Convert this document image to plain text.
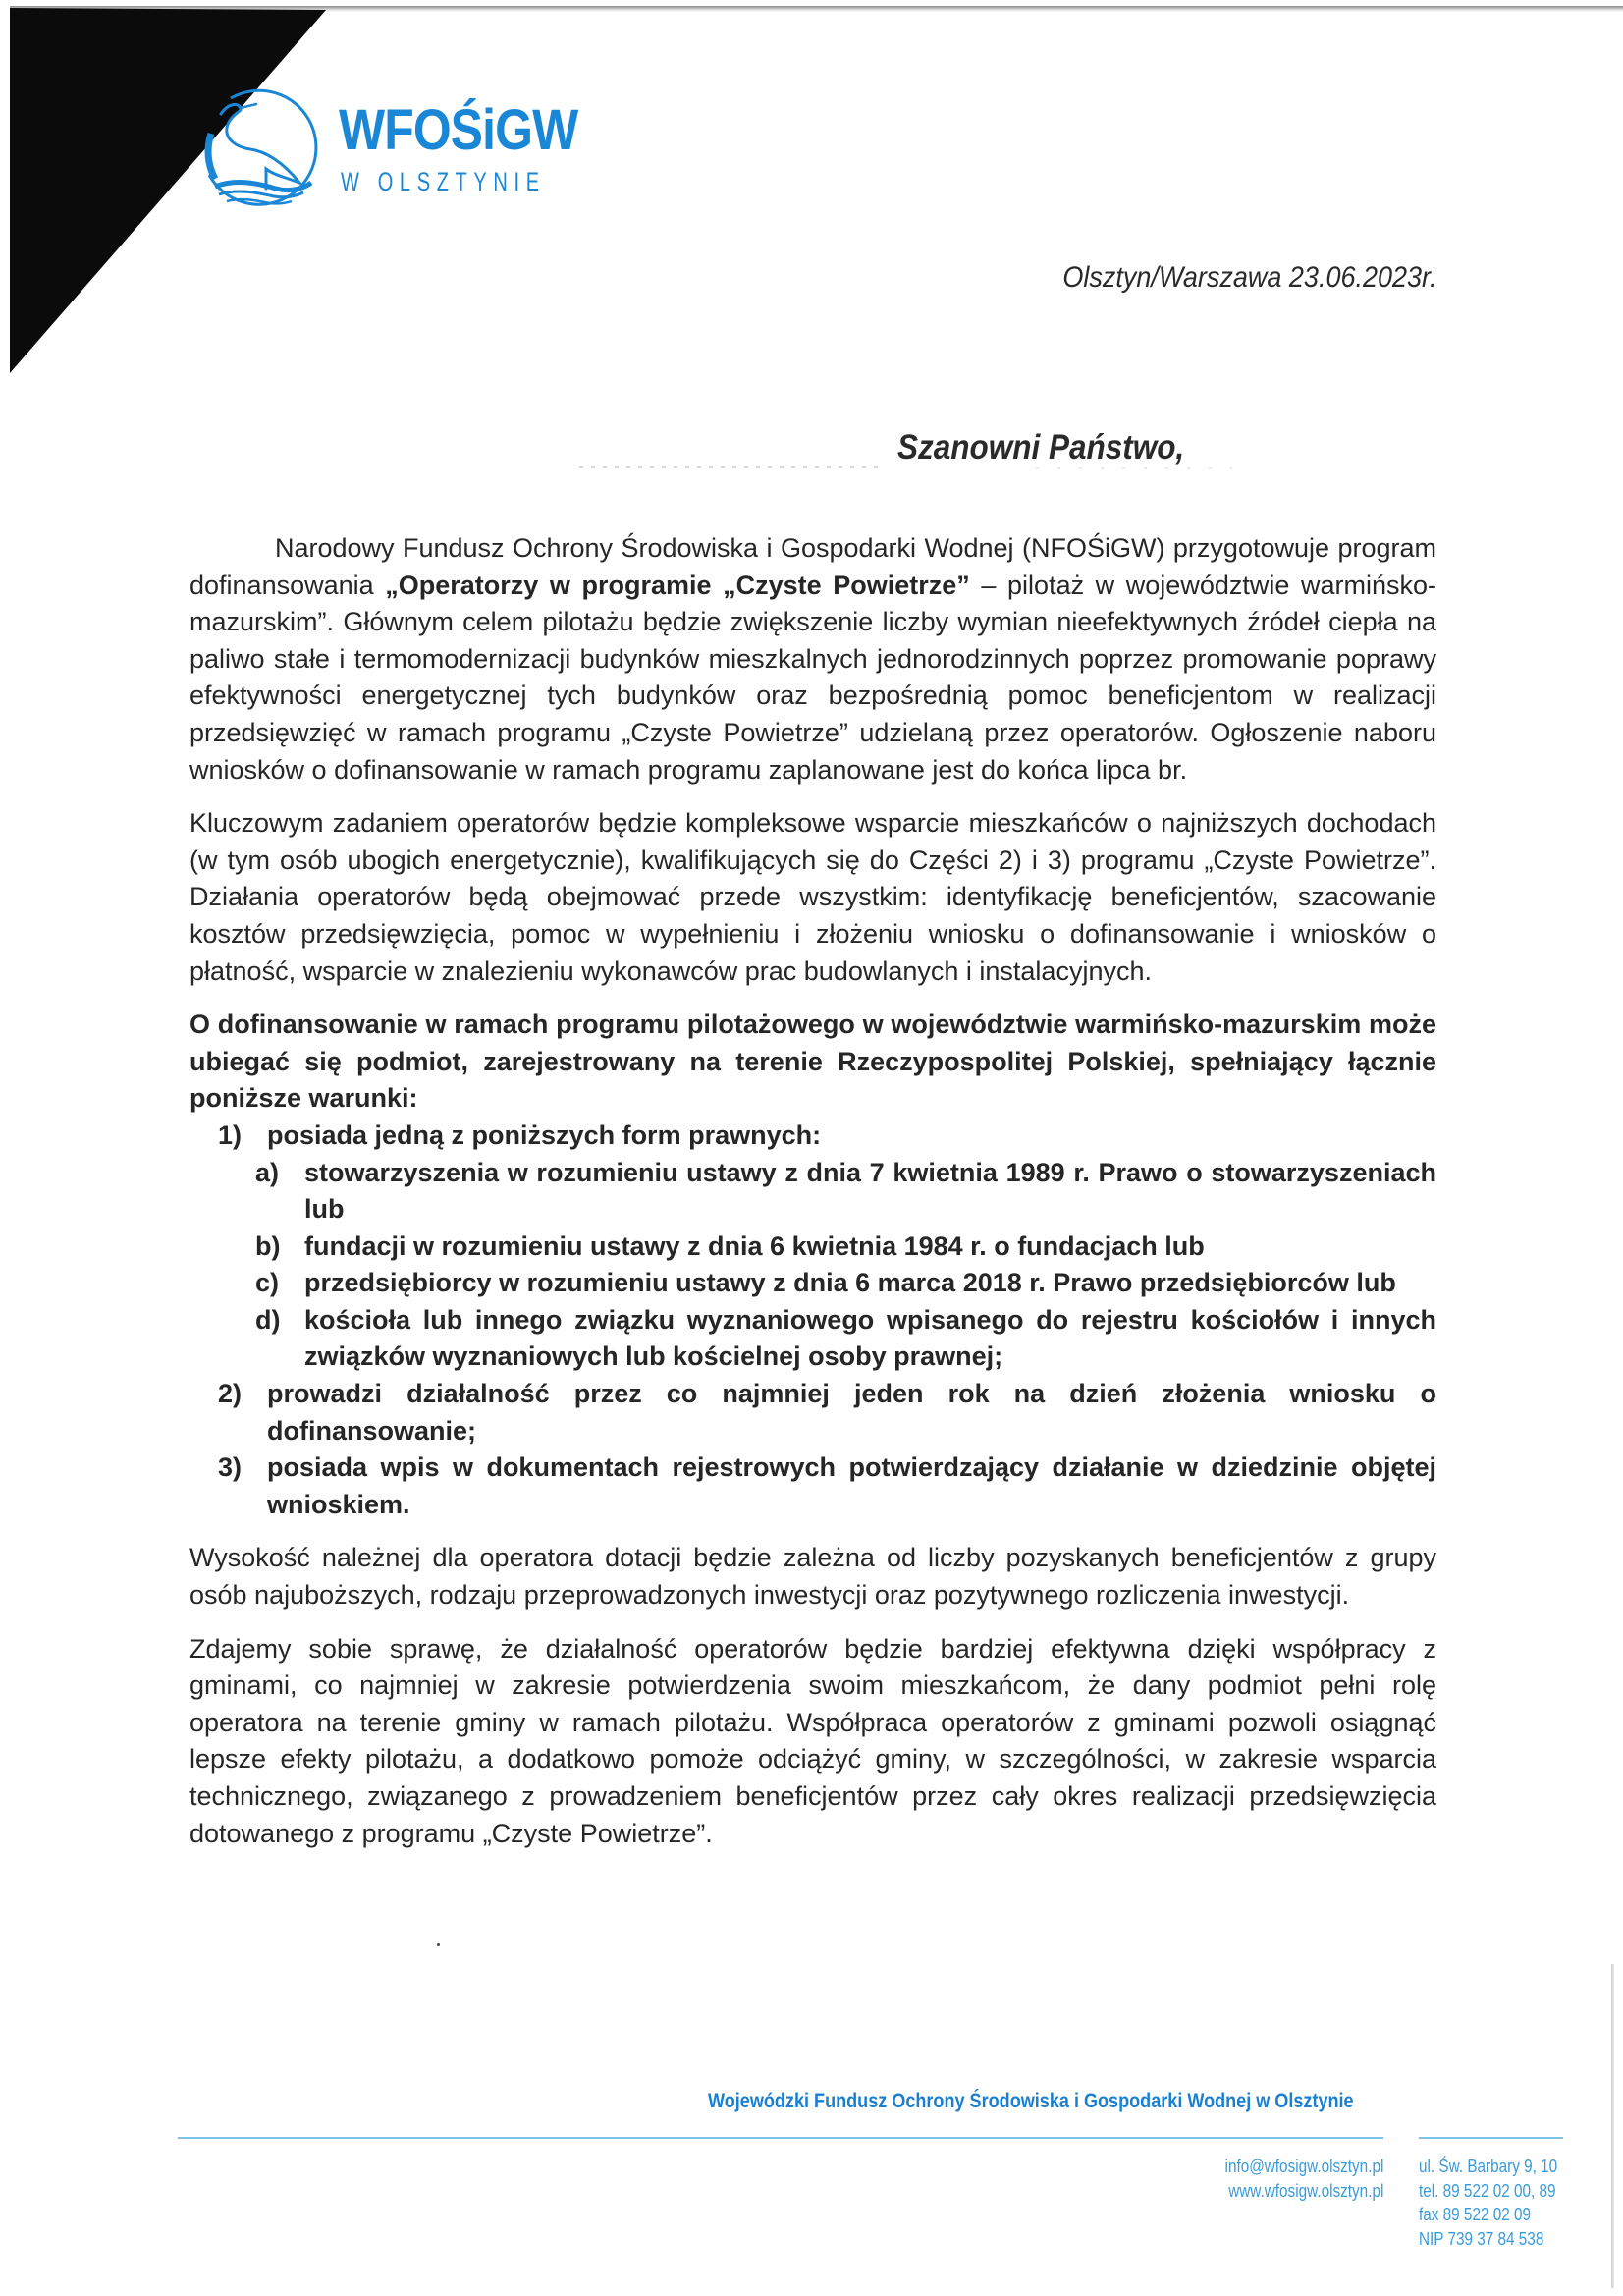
WFOŚiGW
W OLSZTYNIE
Olsztyn/Warszawa 23.06.2023r.
Szanowni Państwo,

Narodowy Fundusz Ochrony Środowiska i Gospodarki Wodnej (NFOŚiGW) przygotowuje program dofinansowania „Operatorzy w programie „Czyste Powietrze” – pilotaż w województwie warmińsko-mazurskim”. Głównym celem pilotażu będzie zwiększenie liczby wymian nieefektywnych źródeł ciepła na paliwo stałe i termomodernizacji budynków mieszkalnych jednorodzinnych poprzez promowanie poprawy efektywności energetycznej tych budynków oraz bezpośrednią pomoc beneficjentom w realizacji przedsięwzięć w ramach programu „Czyste Powietrze” udzielaną przez operatorów. Ogłoszenie naboru wniosków o dofinansowanie w ramach programu zaplanowane jest do końca lipca br.

Kluczowym zadaniem operatorów będzie kompleksowe wsparcie mieszkańców o najniższych dochodach (w tym osób ubogich energetycznie), kwalifikujących się do Części 2) i 3) programu „Czyste Powietrze”. Działania operatorów będą obejmować przede wszystkim: identyfikację beneficjentów, szacowanie kosztów przedsięwzięcia, pomoc w wypełnieniu i złożeniu wniosku o dofinansowanie i wniosków o płatność, wsparcie w znalezieniu wykonawców prac budowlanych i instalacyjnych.

O dofinansowanie w ramach programu pilotażowego w województwie warmińsko-mazurskim może ubiegać się podmiot, zarejestrowany na terenie Rzeczypospolitej Polskiej, spełniający łącznie poniższe warunki:

1) posiada jedną z poniższych form prawnych:
a) stowarzyszenia w rozumieniu ustawy z dnia 7 kwietnia 1989 r. Prawo o stowarzyszeniach lub
b) fundacji w rozumieniu ustawy z dnia 6 kwietnia 1984 r. o fundacjach lub
c) przedsiębiorcy w rozumieniu ustawy z dnia 6 marca 2018 r. Prawo przedsiębiorców lub
d) kościoła lub innego związku wyznaniowego wpisanego do rejestru kościołów i innych związków wyznaniowych lub kościelnej osoby prawnej;
2) prowadzi działalność przez co najmniej jeden rok na dzień złożenia wniosku o dofinansowanie;
3) posiada wpis w dokumentach rejestrowych potwierdzający działanie w dziedzinie objętej wnioskiem.

Wysokość należnej dla operatora dotacji będzie zależna od liczby pozyskanych beneficjentów z grupy osób najuboższych, rodzaju przeprowadzonych inwestycji oraz pozytywnego rozliczenia inwestycji.

Zdajemy sobie sprawę, że działalność operatorów będzie bardziej efektywna dzięki współpracy z gminami, co najmniej w zakresie potwierdzenia swoim mieszkańcom, że dany podmiot pełni rolę operatora na terenie gminy w ramach pilotażu. Współpraca operatorów z gminami pozwoli osiągnąć lepsze efekty pilotażu, a dodatkowo pomoże odciążyć gminy, w szczególności, w zakresie wsparcia technicznego, związanego z prowadzeniem beneficjentów przez cały okres realizacji przedsięwzięcia dotowanego z programu „Czyste Powietrze”.

Wojewódzki Fundusz Ochrony Środowiska i Gospodarki Wodnej w Olsztynie
info@wfosigw.olsztyn.pl
www.wfosigw.olsztyn.pl
ul. Św. Barbary 9, 10
tel. 89 522 02 00, 89
fax 89 522 02 09
NIP 739 37 84 538
